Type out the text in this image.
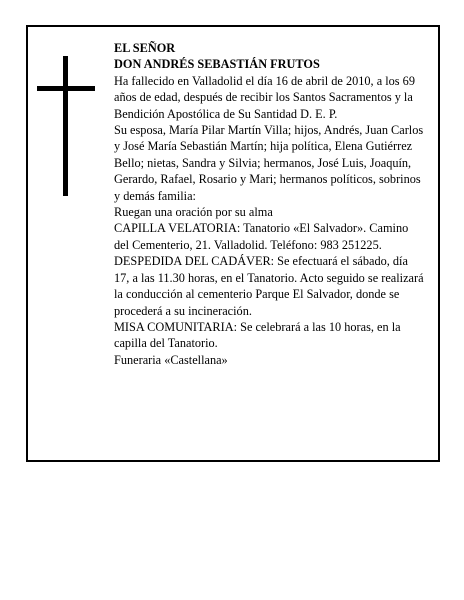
EL SEÑOR

DON ANDRÉS SEBASTIÁN FRUTOS

Ha fallecido en Valladolid el día 16 de abril de 2010, a los 69 años de edad, después de recibir los Santos Sacramentos y la Bendición Apostólica de Su Santidad D. E. P.

Su esposa, María Pilar Martín Villa; hijos, Andrés, Juan Carlos y José María Sebastián Martín; hija política, Elena Gutiérrez Bello; nietas, Sandra y Silvia; hermanos, José Luis, Joaquín, Gerardo, Rafael, Rosario y Mari; hermanos políticos, sobrinos y demás familia:

Ruegan una oración por su alma

CAPILLA VELATORIA: Tanatorio «El Salvador». Camino del Cementerio, 21. Valladolid. Teléfono: 983 251225.

DESPEDIDA DEL CADÁVER: Se efectuará el sábado, día 17, a las 11.30 horas, en el Tanatorio. Acto seguido se realizará la conducción al cementerio Parque El Salvador, donde se procederá a su incineración.

MISA COMUNITARIA: Se celebrará a las 10 horas, en la capilla del Tanatorio.

Funeraria «Castellana»
